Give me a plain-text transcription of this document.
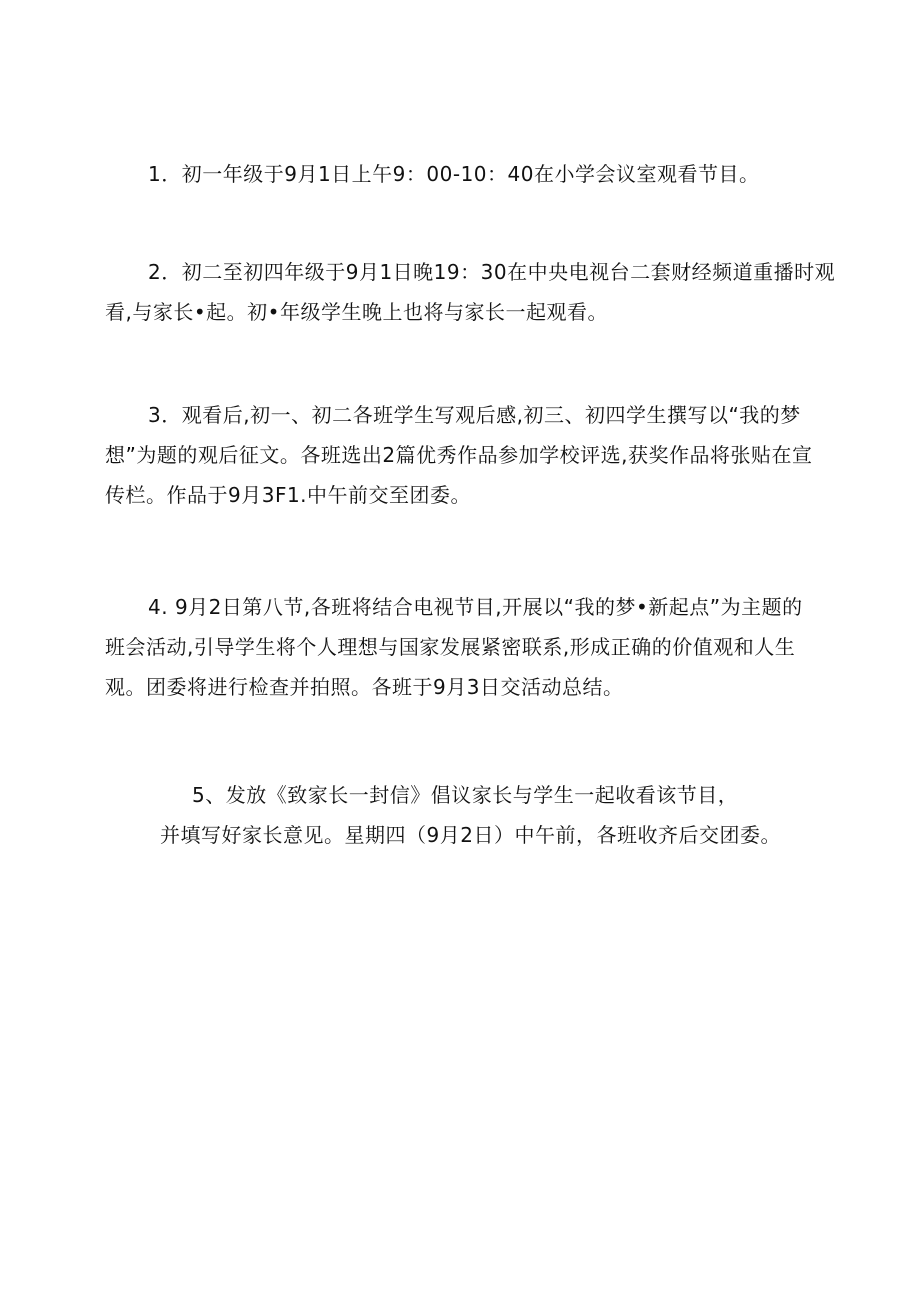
1．初一年级于9月1日上午9：00-10：40在小学会议室观看节目。

2．初二至初四年级于9月1日晚19：30在中央电视台二套财经频道重播时观
看,与家长•起。初•年级学生晚上也将与家长一起观看。

3．观看后,初一、初二各班学生写观后感,初三、初四学生撰写以“我的梦
想”为题的观后征文。各班选出2篇优秀作品参加学校评选,获奖作品将张贴在宣
传栏。作品于9月3F1.中午前交至团委。

4. 9月2日第八节,各班将结合电视节目,开展以“我的梦•新起点”为主题的
班会活动,引导学生将个人理想与国家发展紧密联系,形成正确的价值观和人生
观。团委将进行检查并拍照。各班于9月3日交活动总结。

5、发放《致家长一封信》倡议家长与学生一起收看该节目，
并填写好家长意见。星期四（9月2日）中午前，各班收齐后交团委。
